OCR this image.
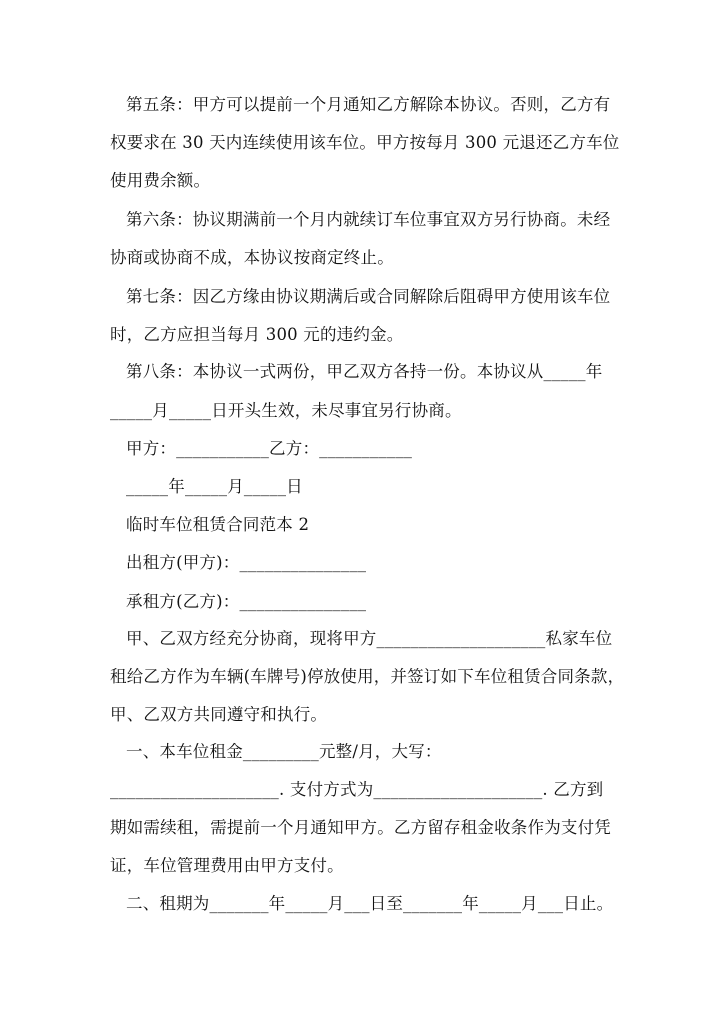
第五条：甲方可以提前一个月通知乙方解除本协议。否则，乙方有
权要求在 30 天内连续使用该车位。甲方按每月 300 元退还乙方车位
使用费余额。
第六条：协议期满前一个月内就续订车位事宜双方另行协商。未经
协商或协商不成，本协议按商定终止。
第七条：因乙方缘由协议期满后或合同解除后阻碍甲方使用该车位
时，乙方应担当每月 300 元的违约金。
第八条：本协议一式两份，甲乙双方各持一份。本协议从_____年
_____月_____日开头生效，未尽事宜另行协商。
甲方：___________乙方：___________
_____年_____月_____日
临时车位租赁合同范本 2
出租方(甲方)：_______________
承租方(乙方)：_______________
甲、乙双方经充分协商，现将甲方____________________私家车位
租给乙方作为车辆(车牌号)停放使用，并签订如下车位租赁合同条款，
甲、乙双方共同遵守和执行。
一、本车位租金_________元整/月，大写：
____________________. 支付方式为____________________. 乙方到
期如需续租，需提前一个月通知甲方。乙方留存租金收条作为支付凭
证，车位管理费用由甲方支付。
二、租期为_______年_____月___日至_______年_____月___日止。
